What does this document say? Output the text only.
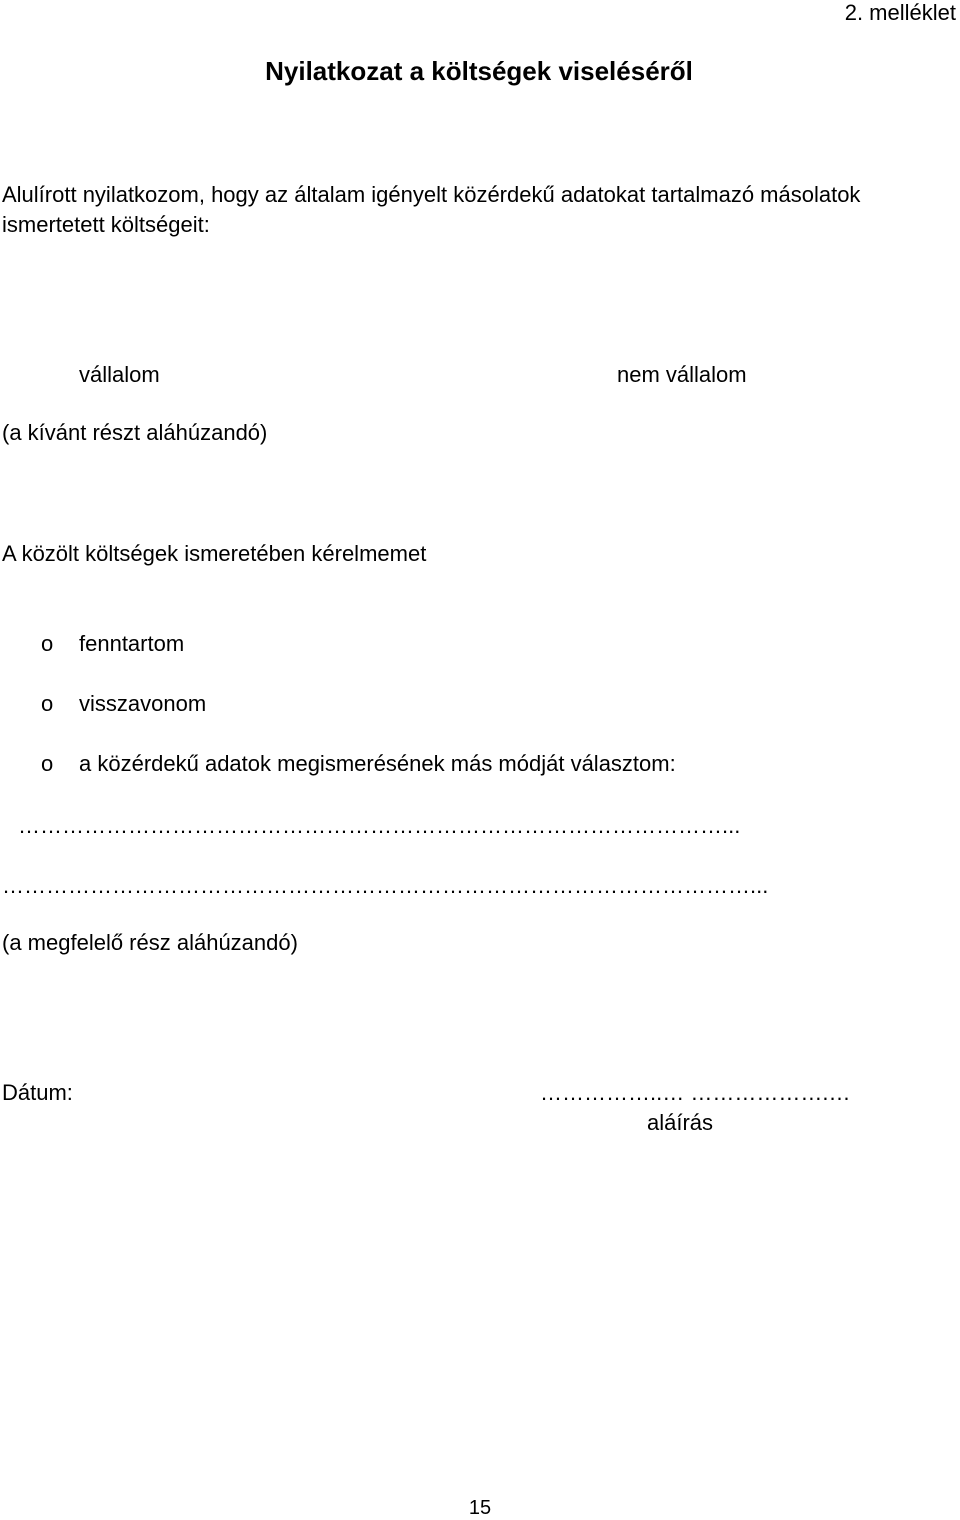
2. melléklet
Nyilatkozat a költségek viseléséről
Alulírott nyilatkozom, hogy az általam igényelt közérdekű adatokat tartalmazó másolatok ismertetett költségeit:
vállalom	nem vállalom
(a kívánt részt aláhúzandó)
A közölt költségek ismeretében kérelmemet
o fenntartom
o visszavonom
o a közérdekű adatok megismerésének más módját választom:
……………………………………………………………………………………...
…………………………………………………………………………………………...
(a megfelelő rész aláhúzandó)
Dátum:	……………..… ……………….…
aláírás
15
